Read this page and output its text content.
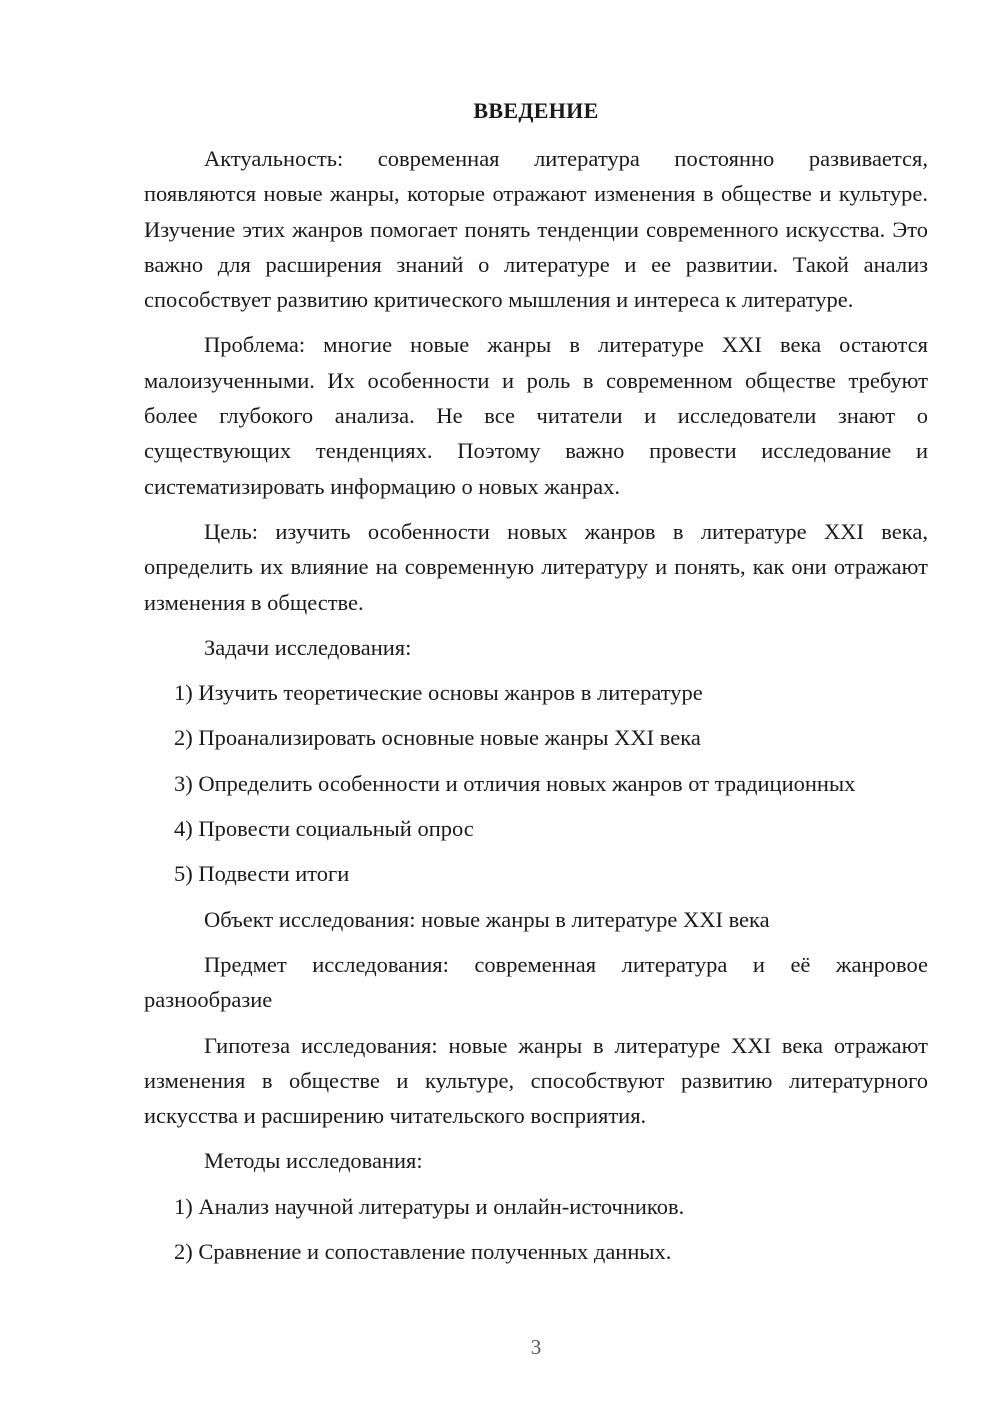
ВВЕДЕНИЕ

Актуальность: современная литература постоянно развивается, появляются новые жанры, которые отражают изменения в обществе и культуре. Изучение этих жанров помогает понять тенденции современного искусства. Это важно для расширения знаний о литературе и ее развитии. Такой анализ способствует развитию критического мышления и интереса к литературе.

Проблема: многие новые жанры в литературе XXI века остаются малоизученными. Их особенности и роль в современном обществе требуют более глубокого анализа. Не все читатели и исследователи знают о существующих тенденциях. Поэтому важно провести исследование и систематизировать информацию о новых жанрах.

Цель: изучить особенности новых жанров в литературе XXI века, определить их влияние на современную литературу и понять, как они отражают изменения в обществе.

Задачи исследования:

1) Изучить теоретические основы жанров в литературе

2) Проанализировать основные новые жанры XXI века

3) Определить особенности и отличия новых жанров от традиционных

4) Провести социальный опрос

5) Подвести итоги

Объект исследования: новые жанры в литературе XXI века

Предмет исследования: современная литература и её жанровое разнообразие

Гипотеза исследования: новые жанры в литературе XXI века отражают изменения в обществе и культуре, способствуют развитию литературного искусства и расширению читательского восприятия.

Методы исследования:

1) Анализ научной литературы и онлайн-источников.

2) Сравнение и сопоставление полученных данных.

3
